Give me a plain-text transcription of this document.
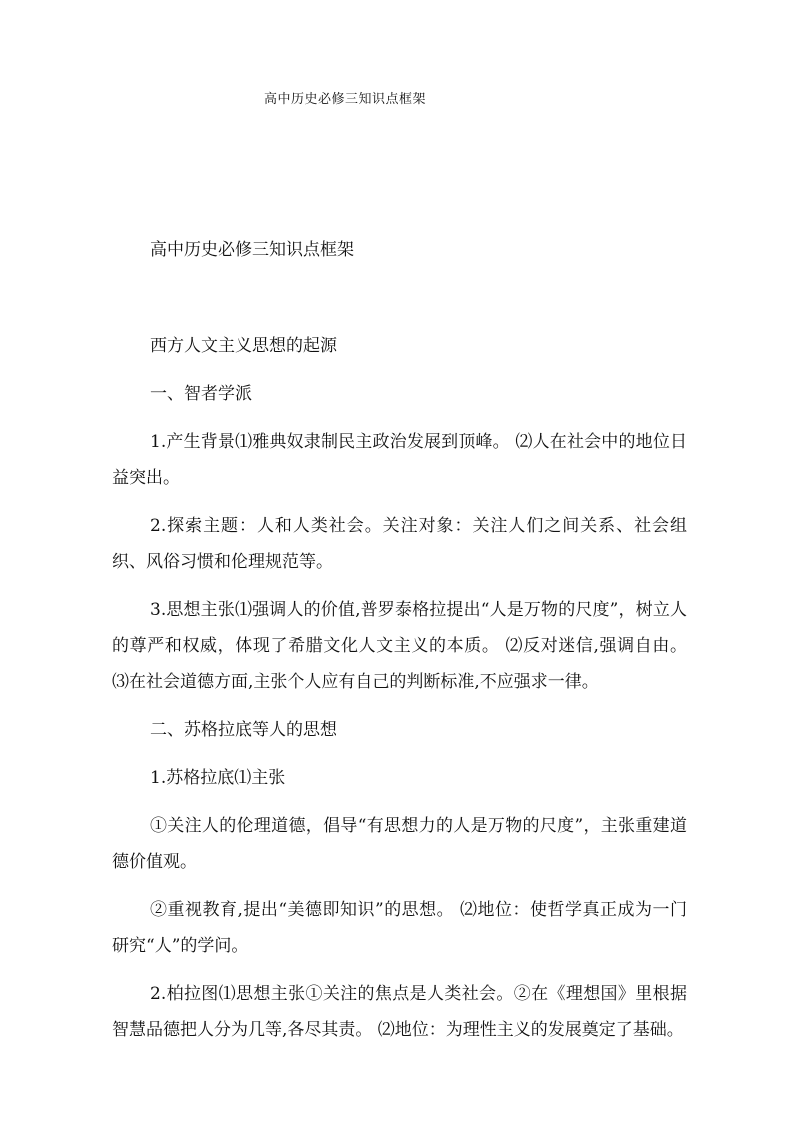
高中历史必修三知识点框架

高中历史必修三知识点框架

西方人文主义思想的起源

一、智者学派

1.产生背景⑴雅典奴隶制民主政治发展到顶峰。 ⑵人在社会中的地位日益突出。

2.探索主题：人和人类社会。关注对象：关注人们之间关系、社会组织、风俗习惯和伦理规范等。

3.思想主张⑴强调人的价值,普罗泰格拉提出“人是万物的尺度”，树立人的尊严和权威，体现了希腊文化人文主义的本质。 ⑵反对迷信,强调自由。 ⑶在社会道德方面,主张个人应有自己的判断标准,不应强求一律。

二、苏格拉底等人的思想

1.苏格拉底⑴主张

①关注人的伦理道德，倡导“有思想力的人是万物的尺度”，主张重建道德价值观。

②重视教育,提出“美德即知识”的思想。 ⑵地位：使哲学真正成为一门研究“人”的学问。

2.柏拉图⑴思想主张①关注的焦点是人类社会。②在《理想国》里根据智慧品德把人分为几等,各尽其责。 ⑵地位：为理性主义的发展奠定了基础。
